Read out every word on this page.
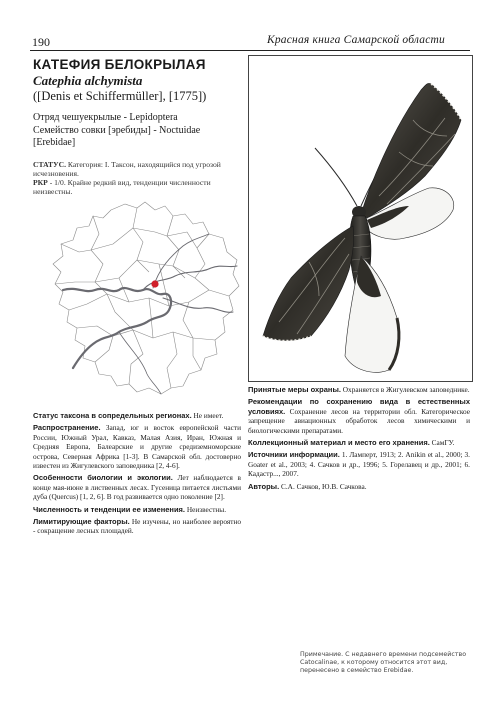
190	Красная книга Самарской области
КАТЕФИЯ БЕЛОКРЫЛАЯ
Catephia alchymista
([Denis et Schiffermüller], [1775])
Отряд чешуекрылые - Lepidoptera
Семейство совки [эребиды] - Noctuidae [Erebidae]
СТАТУС. Категория: I. Таксон, находящийся под угрозой исчезновения.
РКР - 1/0. Крайне редкий вид, тенденции численности неизвестны.
Статус таксона в сопредельных регионах. Не имеет.
Распространение. Запад, юг и восток европейской части России, Южный Урал, Кавказ, Малая Азия, Иран, Южная и Средняя Европа, Балеарские и другие средиземноморские острова, Северная Африка [1-3]. В Самарской обл. достоверно известен из Жигулевского заповедника [2, 4-6].
Особенности биологии и экологии. Лет наблюдается в конце мая-июне в лиственных лесах. Гусеница питается листьями дуба (Quercus) [1, 2, 6]. В год развивается одно поколение [2].
Численность и тенденции ее изменения. Неизвестны.
Лимитирующие факторы. Не изучены, но наиболее вероятно - сокращение лесных площадей.
Принятые меры охраны. Охраняется в Жигулевском заповеднике.
Рекомендации по сохранению вида в естественных условиях. Сохранение лесов на территории обл. Категорическое запрещение авиационных обработок лесов химическими и биологическими препаратами.
Коллекционный материал и место его хранения. СамГУ.
Источники информации. 1. Ламперт, 1913; 2. Anikin et al., 2000; 3. Goater et al., 2003; 4. Сачков и др., 1996; 5. Горелавец и др., 2001; 6. Кадастр..., 2007.
Авторы. С.А. Сачков, Ю.В. Сачкова.
Примечание. С недавнего времени подсемейство Catocalinae, к которому относится этот вид, перенесено в семейство Erebidae.
